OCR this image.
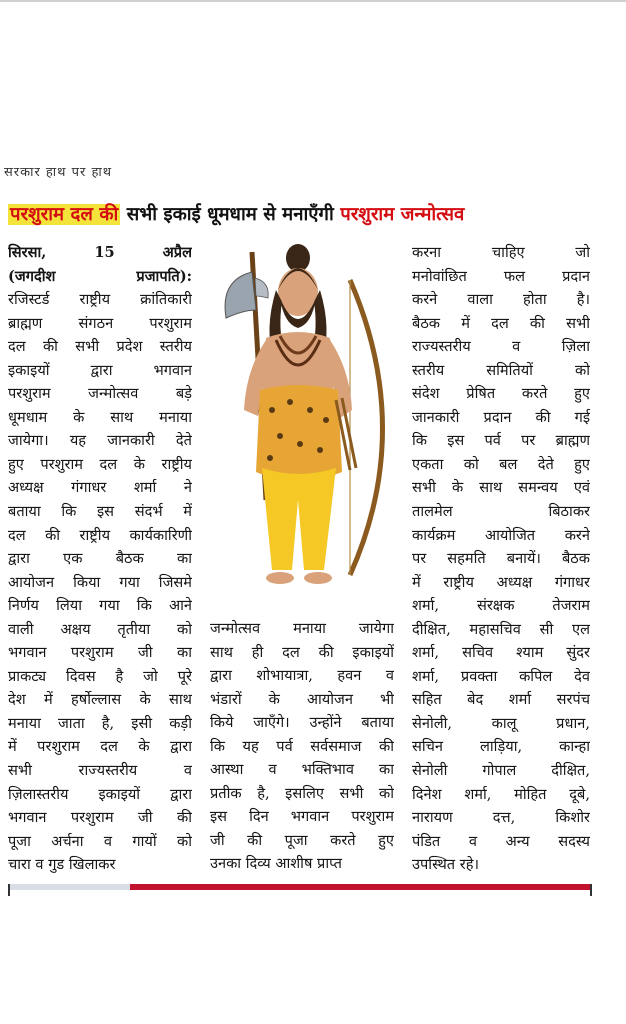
सरकार हाथ पर हाथ
परशुराम दल की सभी इकाई धूमधाम से मनाएँगी परशुराम जन्मोत्सव
सिरसा, 15 अप्रैल
(जगदीश प्रजापति):
रजिस्टर्ड राष्ट्रीय क्रांतिकारी
ब्राह्मण संगठन परशुराम
दल की सभी प्रदेश स्तरीय
इकाइयों द्वारा भगवान
परशुराम जन्मोत्सव बड़े
धूमधाम के साथ मनाया
जायेगा। यह जानकारी देते
हुए परशुराम दल के राष्ट्रीय
अध्यक्ष गंगाधर शर्मा ने
बताया कि इस संदर्भ में
दल की राष्ट्रीय कार्यकारिणी
द्वारा एक बैठक का
आयोजन किया गया जिसमे
निर्णय लिया गया कि आने
वाली अक्षय तृतीया को
भगवान परशुराम जी का
प्राकट्य दिवस है जो पूरे
देश में हर्षोल्लास के साथ
मनाया जाता है, इसी कड़ी
में परशुराम दल के द्वारा
सभी राज्यस्तरीय व
ज़िलास्तरीय इकाइयों द्वारा
भगवान परशुराम जी की
पूजा अर्चना व गायों को
चारा व गुड खिलाकर
जन्मोत्सव मनाया जायेगा
साथ ही दल की इकाइयों
द्वारा शोभायात्रा, हवन व
भंडारों के आयोजन भी
किये जाएँगे। उन्होंने बताया
कि यह पर्व सर्वसमाज की
आस्था व भक्तिभाव का
प्रतीक है, इसलिए सभी को
इस दिन भगवान परशुराम
जी की पूजा करते हुए
उनका दिव्य आशीष प्राप्त
करना चाहिए जो
मनोवांछित फल प्रदान
करने वाला होता है।
बैठक में दल की सभी
राज्यस्तरीय व ज़िला
स्तरीय समितियों को
संदेश प्रेषित करते हुए
जानकारी प्रदान की गई
कि इस पर्व पर ब्राह्मण
एकता को बल देते हुए
सभी के साथ समन्वय एवं
तालमेल बिठाकर
कार्यक्रम आयोजित करने
पर सहमति बनायें। बैठक
में राष्ट्रीय अध्यक्ष गंगाधर
शर्मा, संरक्षक तेजराम
दीक्षित, महासचिव सी एल
शर्मा, सचिव श्याम सुंदर
शर्मा, प्रवक्ता कपिल देव
सहित बेद शर्मा सरपंच
सेनोली, कालू प्रधान,
सचिन लाड़िया, कान्हा
सेनोली गोपाल दीक्षित,
दिनेश शर्मा, मोहित दूबे,
नारायण दत्त, किशोर
पंडित व अन्य सदस्य
उपस्थित रहे।
